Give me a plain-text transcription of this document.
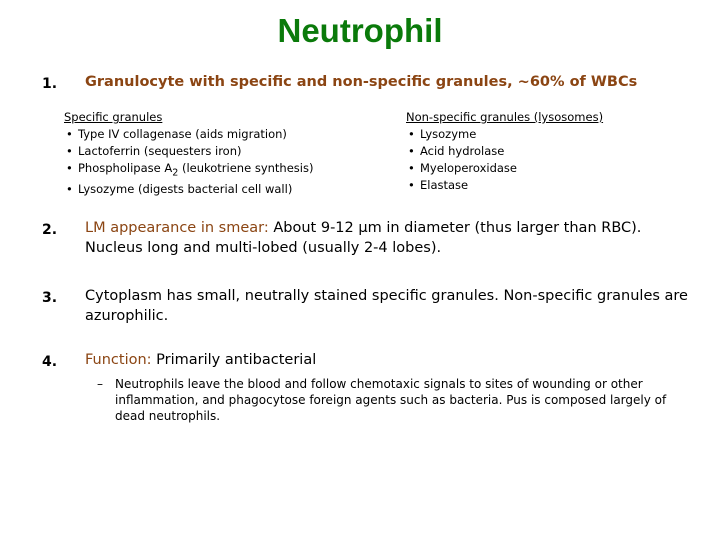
Neutrophil
1. Granulocyte with specific and non-specific granules, ~60% of WBCs
Specific granules
• Type IV collagenase (aids migration)
• Lactoferrin (sequesters iron)
• Phospholipase $A_2$ (leukotriene synthesis)
• Lysozyme (digests bacterial cell wall)
Non-specific granules (lysosomes)
• Lysozyme
• Acid hydrolase
• Myeloperoxidase
• Elastase
2. LM appearance in smear: About 9-12 µm in diameter (thus larger than RBC). Nucleus long and multi-lobed (usually 2-4 lobes).
3. Cytoplasm has small, neutrally stained specific granules. Non-specific granules are azurophilic.
4. Function: Primarily antibacterial
– Neutrophils leave the blood and follow chemotaxic signals to sites of wounding or other inflammation, and phagocytose foreign agents such as bacteria. Pus is composed largely of dead neutrophils.
